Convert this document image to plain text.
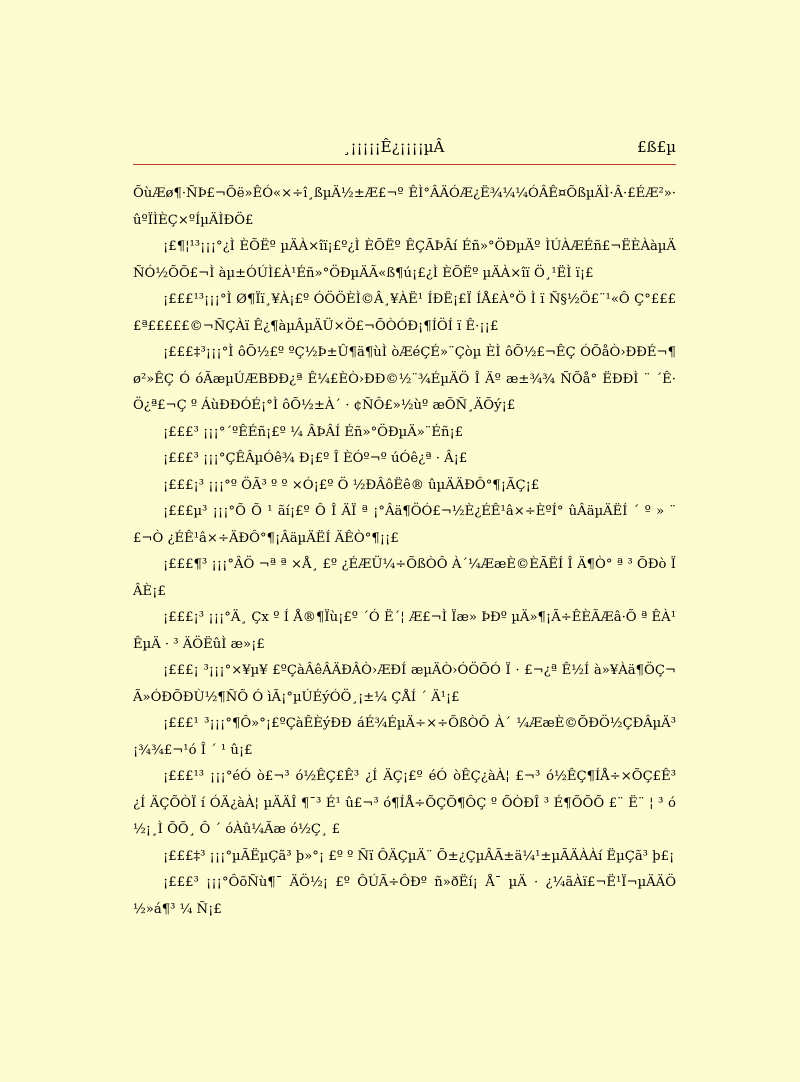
¸¡¡¡¡¡Ê¿¡¡¡¡µÂ	£ß£µ

ÕùÆø¶·ÑÞ£¬Õë»ÊÓ«×÷î¸ßµÄ½±Æ£¬º ÊÌ°ÂÄÓÆ¿Ë¾¼¼ÓÂÊ¤ÕßµÄÌ·Â·£ÉÆ²»·ûºÏÌÈÇ×ºÍµÄÌÐÖ£

¡£¶¦¹³¡¡¡°¿Ì ÈÕËº µÄÀ×îï¡£º¿Ì ÈÕËº ÊÇÃÞÂí Éñ»°ÖÐµÄº ÌÚÀÆÉñ£¬ËÈÀàµÄÑÓ½ÕÕ£¬Ì àµ±ÓÚÌ£À¹Éñ»°ÖÐµÄÃ«ß¶ú¡£¿Ì ÈÕËº µÄÀ×îï Ö¸¹ËÌ ï¡£

¡£££¹³¡¡¡°Ì Ø¶Ïï¸¥À¡£º ÓÖÖÈÌ©Â¸¥ÀË¹ ÍÐË¡£Ï ÍÅ£À°Ö Ì ï Ñ§½Ö£¨¹«Ô Ç°££££ª£££££©¬ÑÇÀï Ê¿¶àµÂµÄÜ×Ö£¬ÕÒÓÐ¡¶ÍÖÍ ï Ê·¡¡£

¡£££‡³¡¡¡°Ì ôÕ½£º ºÇ½Þ±Û¶ä¶ùÌ òÆéÇÉ»¨Çòµ ÈÌ ôÕ½£¬ÊÇ ÓÕåÒ›ÐÐÉ¬¶ø²»ÊÇ Ó óÃæµÚÆBÐÐ¿ª Ê¼£ÈÒ›ÐÐ©½¨¾ÉµÄÖ Î Äº æ±¾¾ ÑÕå° ËÐÐÌ ¨ ´Ê·Ö¿ª£¬Ç º ÁùÐÐÓÉ¡°Ì ôÕ½±À´ · ¢ÑÔ£»½ùº æÕÑ¸ÄÕý¡£

¡£££³ ¡¡¡°´ºÊÉñ¡£º ¼ ÂÞÂÍ Éñ»°ÖÐµÄ»¨Éñ¡£

¡£££³ ¡¡¡°ÇÊÂµÓê¾ Ð¡£º Î ÈÓº¬º úÓê¿ª · Â¡£

¡£££¡³ ¡¡¡°º ÖÃ³ º º ×Ó¡£º Ö ½ÐÂôËê® ûµÄÄÐÔ°¶¡ÃÇ¡£

¡£££µ³ ¡¡¡°Õ Õ ¹ ãí¡£º Ô Î ÄÏ ª ¡°Âä¶ÖÓ£¬½È¿ÉÊ¹â×÷ÈºÍ° ûÂäµÄËÍ ´ º » ¨£¬Ò ¿ÉÊ¹â×÷ÄÐÔ°¶¡ÂäµÄËÍ ÄÊÒ°¶¡¡£

¡£££¶³ ¡¡¡°ÂÖ ¬ª ª ×Å¸ £º ¿ÉÆÜ¼÷ÕßÒÔ À´¼ÆæÈ©ÈÃËÍ Î Ä¶Ò° ª ³ ÕÐò Ï ÂÈ¡£

¡£££¡³ ¡¡¡°Ä¸ Çx º Í Å®¶Ïù¡£º ´Ó Ë´¦ Æ£¬Ì Ïæ» ÞÐº µÄ»¶¡Ã÷ÊÈÃÆâ·Õ ª ÊÀ¹ ÊµÄ · ³ ÄÖËûÌ æ»¡£

¡£££¡ ³¡¡¡°×¥µ¥ £ºÇàÂêÂÄÐÂÒ›ÆÐÍ æµÄÒ›ÓÖÕÓ Ï · £¬¿ª Ê½Í à»¥Àä¶ÖÇ¬Ã»ÓÐÕÐÙ½¶ÑÕ Ó ìÃ¡°µÚÉýÓÖ¸¡±¼ ÇÅÍ ´ Ä¹¡£

¡£££¹ ³¡¡¡°¶Ô»°¡£ºÇàÊÈýÐÐ áÉ¾ÉµÄ÷×÷ÕßÒÔ À´ ¼ÆæÈ©ÕÐÖ½ÇÐÂµÄ³ ¡¾¾£¬¹ó Î ´ ¹ û¡£

¡£££¹³ ¡¡¡°éÓ ò£¬³ ó½ÊÇ£Ê³ ¿Í ÄÇ¡£º éÓ òÊÇ¿àÀ¦ £¬³ ó½ÊÇ¶ÍÅ÷×ÕÇ£Ê³ ¿Í ÄÇÕÒÏ í ÓÄ¿àÀ¦ µÄÄÎ ¶¯³ É¹ û£¬³ ó¶ÍÅ÷ÕÇÕ¶ÔÇ º ÕÒÐÎ ³ É¶ÕÕÕ £¨ Ë¨ ¦ ³ ó½¡¸Ì ÕÕ¸ Ô ´ óÀû¼Ãæ ó½Ç¸ £

¡£££‡³ ¡¡¡°µÃËµÇã³ þ»°¡ £º º Ñï ÔÄÇµÄ¨ Õ±¿ÇµÂÃ±ä¼¹±µÃÄÀÀí ËµÇã³ þ£¡

¡£££³ ¡¡¡°ÔõÑù¶¯ ÄÖ½¡ £º ÔÚÃ÷ÔÐº ñ»ðËí¡ Å¯ µÄ · ¿¼ãÀï£¬Ë¹Ï¬µÄÄÖ½»á¶³ ¼ Ñ¡£
